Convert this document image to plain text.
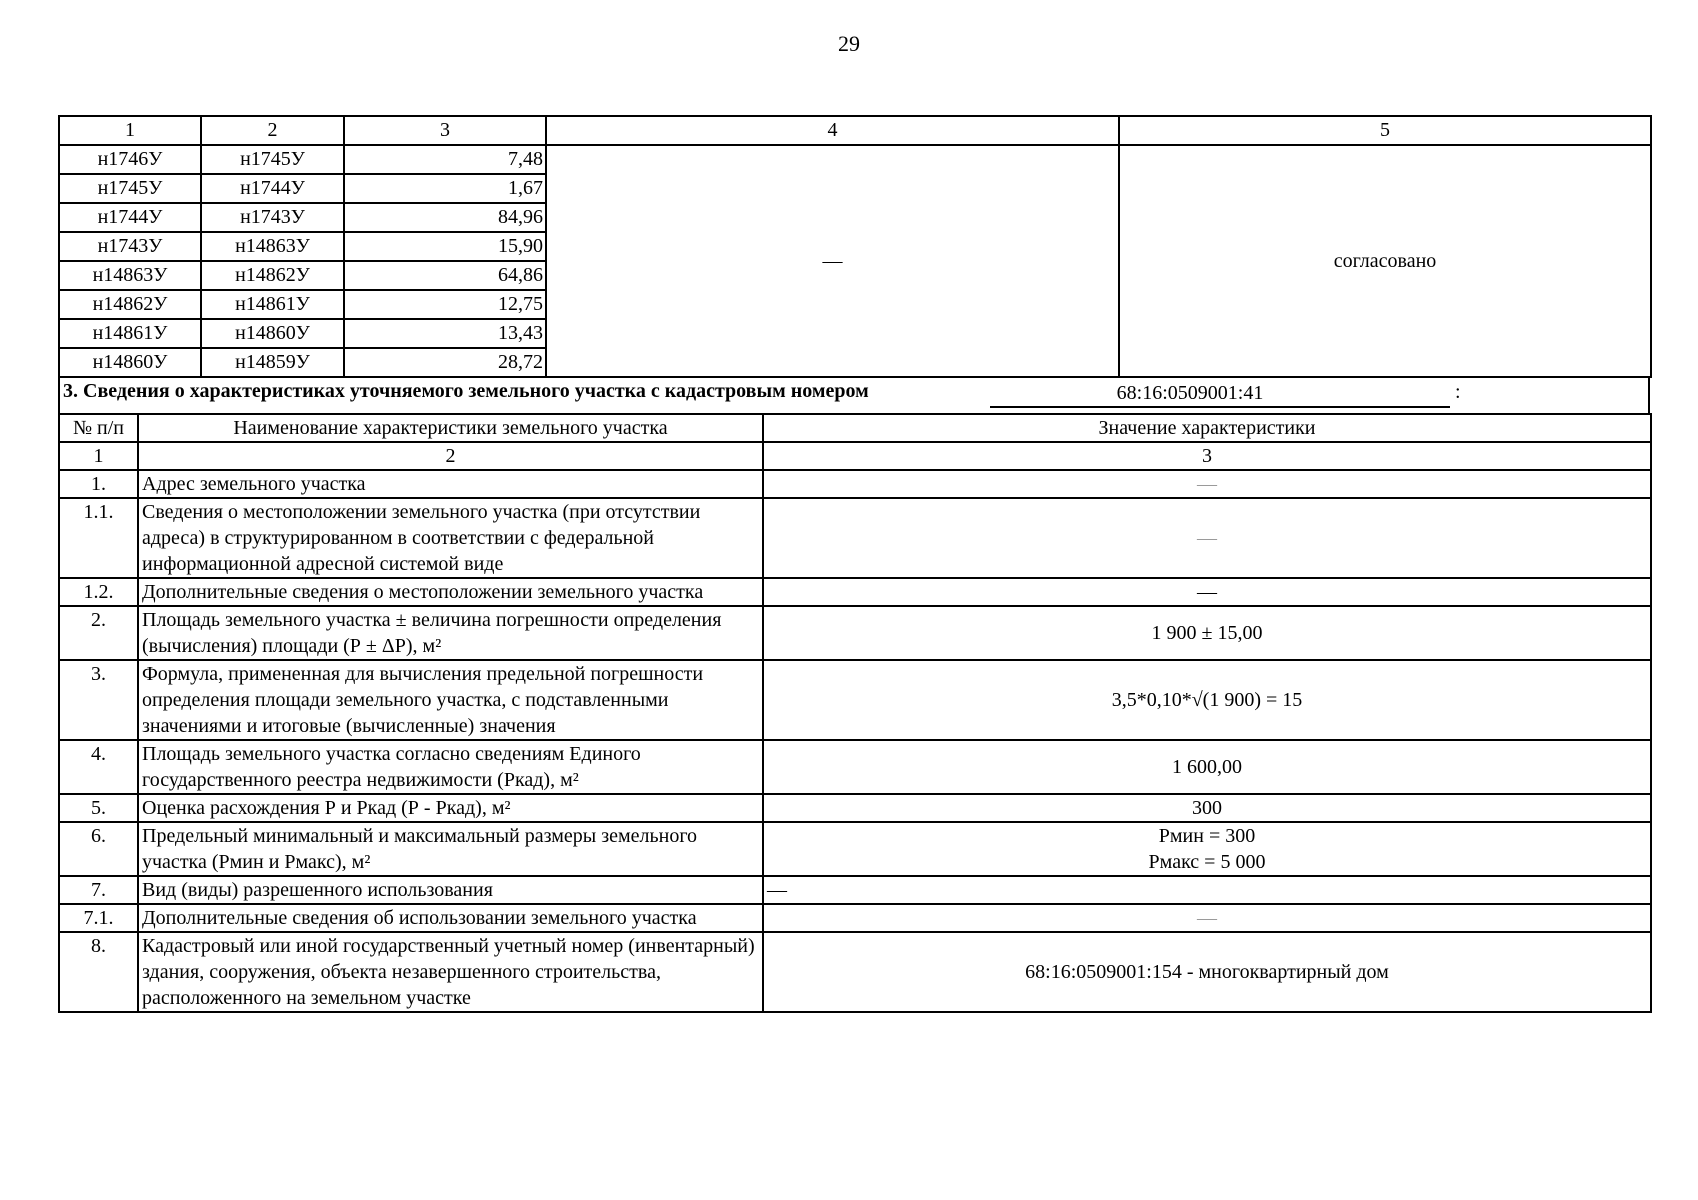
29
1	2	3	4	5
н1746У	н1745У	7,48	—	согласовано
н1745У	н1744У	1,67		
н1744У	н1743У	84,96		
н1743У	н14863У	15,90		
н14863У	н14862У	64,86		
н14862У	н14861У	12,75		
н14861У	н14860У	13,43		
н14860У	н14859У	28,72		
3. Сведения о характеристиках уточняемого земельного участка с кадастровым номером	68:16:0509001:41	:
№ п/п	Наименование характеристики земельного участка	Значение характеристики
1	2	3
1.	Адрес земельного участка	—
1.1.	Сведения о местоположении земельного участка (при отсутствии адреса) в структурированном в соответствии с федеральной информационной адресной системой виде	—
1.2.	Дополнительные сведения о местоположении земельного участка	—
2.	Площадь земельного участка ± величина погрешности определения (вычисления) площади (Р ± ΔР), м²	1 900 ± 15,00
3.	Формула, примененная для вычисления предельной погрешности определения площади земельного участка, с подставленными значениями и итоговые (вычисленные) значения	3,5*0,10*√(1 900) = 15
4.	Площадь земельного участка согласно сведениям Единого государственного реестра недвижимости (Ркад), м²	1 600,00
5.	Оценка расхождения Р и Ркад (Р - Ркад), м²	300
6.	Предельный минимальный и максимальный размеры земельного участка (Рмин и Рмакс), м²	Рмин = 300
Рмакс = 5 000

7.	Вид (виды) разрешенного использования	—
7.1.	Дополнительные сведения об использовании земельного участка	—
8.	Кадастровый или иной государственный учетный номер (инвентарный) здания, сооружения, объекта незавершенного строительства, расположенного на земельном участке	68:16:0509001:154 - многоквартирный дом
